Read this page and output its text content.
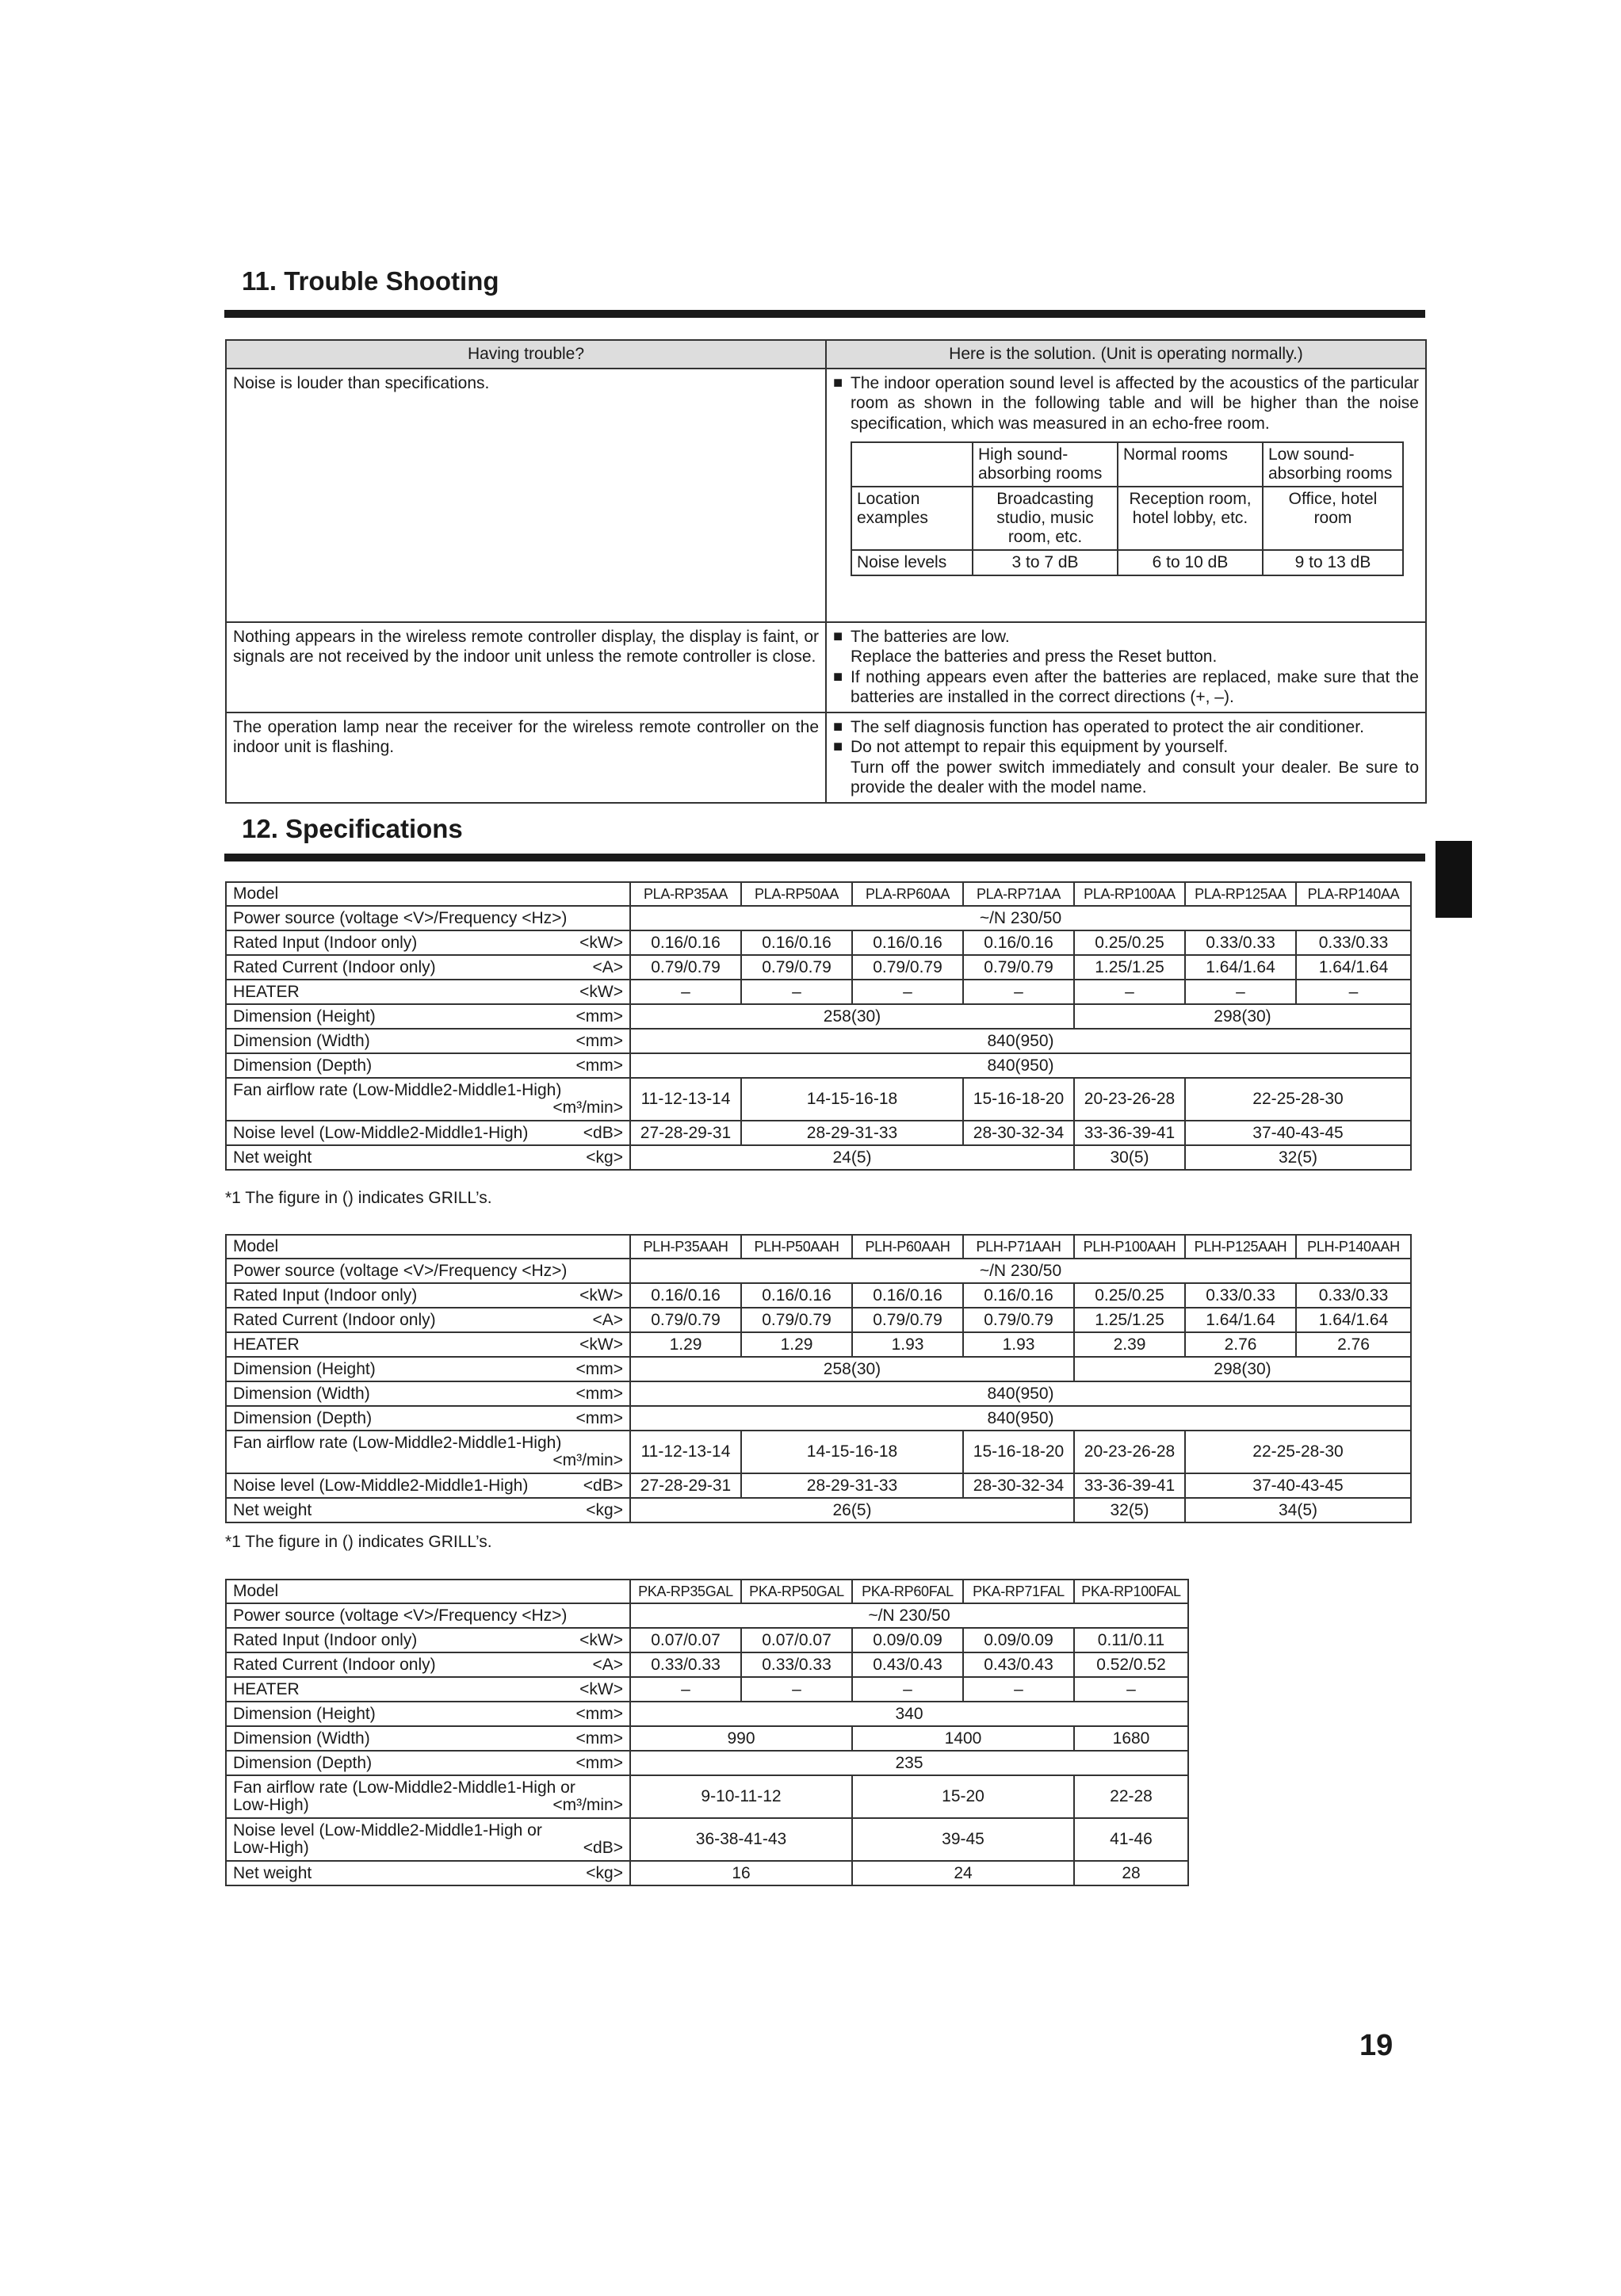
11. Trouble Shooting
Having trouble?	Here is the solution. (Unit is operating normally.)
Noise is louder than specifications.	■ The indoor operation sound level is affected by the acoustics of the particular room as shown in the following table and will be higher than the noise specification, which was measured in an echo-free room.
	High sound-absorbing rooms	Normal rooms	Low sound-absorbing rooms
Location examples	Broadcasting studio, music room, etc.	Reception room, hotel lobby, etc.	Office, hotel room
Noise levels	3 to 7 dB	6 to 10 dB	9 to 13 dB

Nothing appears in the wireless remote controller display, the display is faint, or signals are not received by the indoor unit unless the remote controller is close.	
■ The batteries are low.
Replace the batteries and press the Reset button.
■ If nothing appears even after the batteries are replaced, make sure that the batteries are installed in the correct directions (+, –).

The operation lamp near the receiver for the wireless remote controller on the indoor unit is flashing.	
■ The self diagnosis function has operated to protect the air conditioner.
■ Do not attempt to repair this equipment by yourself.
Turn off the power switch immediately and consult your dealer. Be sure to provide the dealer with the model name.
12. Specifications
Model	PLA-RP35AA	PLA-RP50AA	PLA-RP60AA	PLA-RP71AA	PLA-RP100AA	PLA-RP125AA	PLA-RP140AA
Power source (voltage <V>/Frequency <Hz>)	~/N 230/50						

Rated Input (Indoor only) <kW>	0.16/0.16	0.16/0.16	0.16/0.16	0.16/0.16	0.25/0.25	0.33/0.33	0.33/0.33

Rated Current (Indoor only) <A>	0.79/0.79	0.79/0.79	0.79/0.79	0.79/0.79	1.25/1.25	1.64/1.64	1.64/1.64

HEATER <kW>	–	–	–	–	–	–	–

Dimension (Height) <mm>	258(30)				298(30)		

Dimension (Width) <mm>	840(950)						

Dimension (Depth) <mm>	840(950)						

Fan airflow rate (Low-Middle2-Middle1-High)
<m³/min>	11-12-13-14	14-15-16-18		15-16-18-20	20-23-26-28	22-25-28-30	

Noise level (Low-Middle2-Middle1-High) <dB>	27-28-29-31	28-29-31-33		28-30-32-34	33-36-39-41	37-40-43-45	

Net weight <kg>	24(5)				30(5)	32(5)	
*1 The figure in () indicates GRILL’s.
Model	PLH-P35AAH	PLH-P50AAH	PLH-P60AAH	PLH-P71AAH	PLH-P100AAH	PLH-P125AAH	PLH-P140AAH
Power source (voltage <V>/Frequency <Hz>)	~/N 230/50						

Rated Input (Indoor only) <kW>	0.16/0.16	0.16/0.16	0.16/0.16	0.16/0.16	0.25/0.25	0.33/0.33	0.33/0.33

Rated Current (Indoor only) <A>	0.79/0.79	0.79/0.79	0.79/0.79	0.79/0.79	1.25/1.25	1.64/1.64	1.64/1.64

HEATER <kW>	1.29	1.29	1.93	1.93	2.39	2.76	2.76

Dimension (Height) <mm>	258(30)				298(30)		

Dimension (Width) <mm>	840(950)						

Dimension (Depth) <mm>	840(950)						

Fan airflow rate (Low-Middle2-Middle1-High)
<m³/min>	11-12-13-14	14-15-16-18		15-16-18-20	20-23-26-28	22-25-28-30	

Noise level (Low-Middle2-Middle1-High) <dB>	27-28-29-31	28-29-31-33		28-30-32-34	33-36-39-41	37-40-43-45	

Net weight <kg>	26(5)				32(5)	34(5)	
*1 The figure in () indicates GRILL’s.
Model	PKA-RP35GAL	PKA-RP50GAL	PKA-RP60FAL	PKA-RP71FAL	PKA-RP100FAL
Power source (voltage <V>/Frequency <Hz>)	~/N 230/50				

Rated Input (Indoor only) <kW>	0.07/0.07	0.07/0.07	0.09/0.09	0.09/0.09	0.11/0.11

Rated Current (Indoor only) <A>	0.33/0.33	0.33/0.33	0.43/0.43	0.43/0.43	0.52/0.52

HEATER <kW>	–	–	–	–	–

Dimension (Height) <mm>	340				

Dimension (Width) <mm>	990		1400		1680

Dimension (Depth) <mm>	235				

Fan airflow rate (Low-Middle2-Middle1-High or
Low-High) <m³/min>	9-10-11-12		15-20		22-28

Noise level (Low-Middle2-Middle1-High or
Low-High) <dB>	36-38-41-43		39-45		41-46

Net weight <kg>	16		24		28
19
